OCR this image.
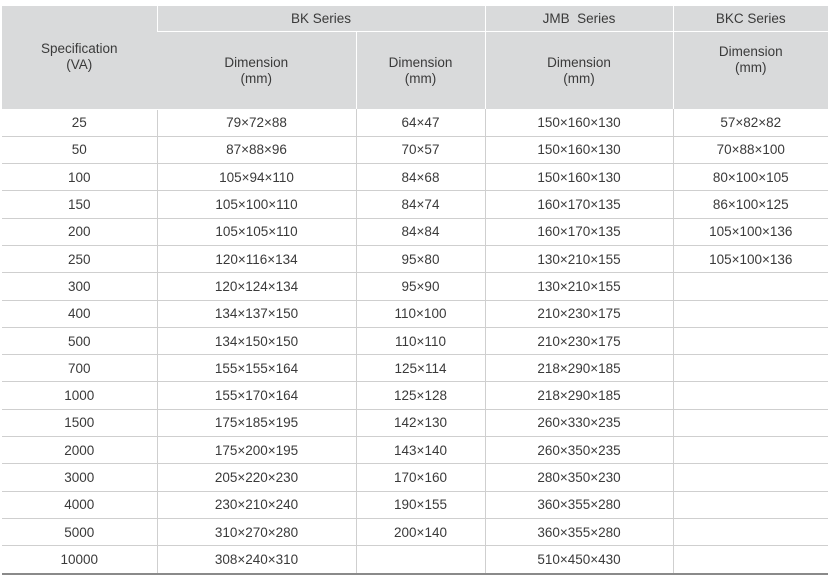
Specification
(VA)	BK Series		JMB  Series	BKC Series

	Dimension
(mm)	Dimension
(mm)	Dimension
(mm)	Dimension
(mm)

25	79×72×88	64×47	150×160×130	57×82×82
50	87×88×96	70×57	150×160×130	70×88×100
100	105×94×110	84×68	150×160×130	80×100×105
150	105×100×110	84×74	160×170×135	86×100×125
200	105×105×110	84×84	160×170×135	105×100×136
250	120×116×134	95×80	130×210×155	105×100×136
300	120×124×134	95×90	130×210×155	
400	134×137×150	110×100	210×230×175	
500	134×150×150	110×110	210×230×175	
700	155×155×164	125×114	218×290×185	
1000	155×170×164	125×128	218×290×185	
1500	175×185×195	142×130	260×330×235	
2000	175×200×195	143×140	260×350×235	
3000	205×220×230	170×160	280×350×230	
4000	230×210×240	190×155	360×355×280	
5000	310×270×280	200×140	360×355×280	
10000	308×240×310		510×450×430	
